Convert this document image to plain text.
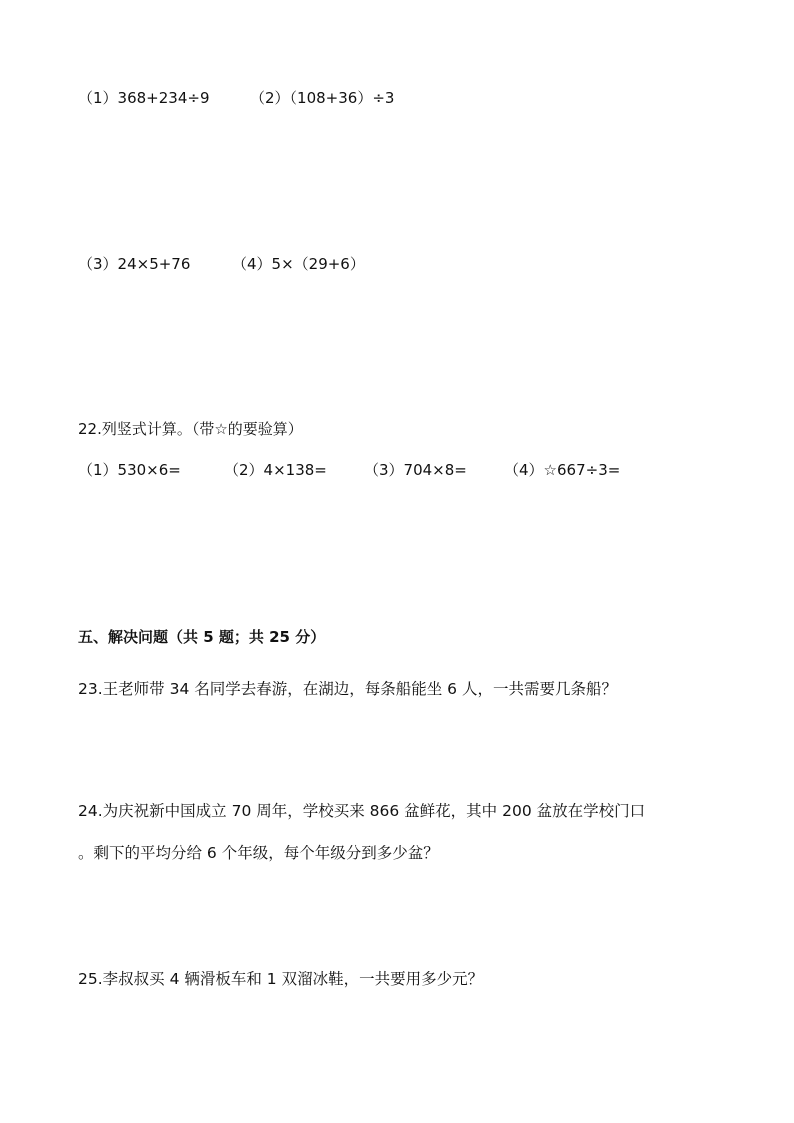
（1）368+234÷9	（2）（108+36）÷3
（3）24×5+76	（4）5×（29+6）
22.列竖式计算。（带☆的要验算）
（1）530×6=	（2）4×138= （3）704×8= （4）☆667÷3=
五、解决问题（共 5 题；共 25 分）
23.王老师带 34 名同学去春游，在湖边，每条船能坐 6 人，一共需要几条船？
24.为庆祝新中国成立 70 周年，学校买来 866 盆鲜花，其中 200 盆放在学校门口
。剩下的平均分给 6 个年级，每个年级分到多少盆？
25.李叔叔买 4 辆滑板车和 1 双溜冰鞋，一共要用多少元？
